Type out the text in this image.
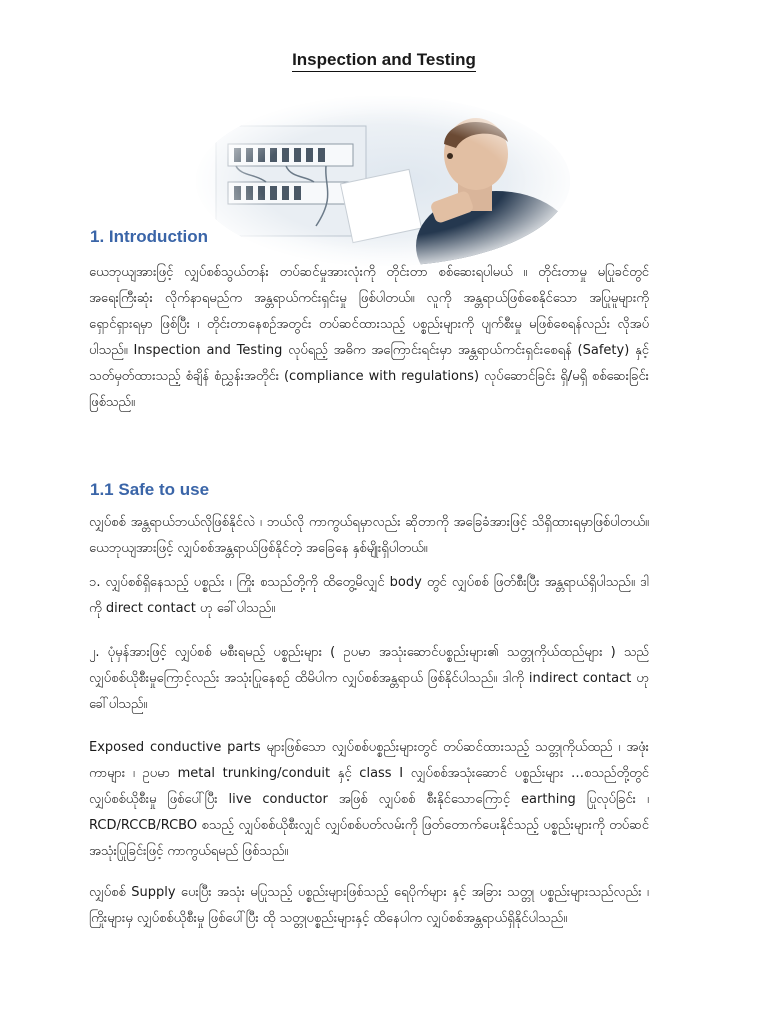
Inspection and Testing
1. Introduction

ယေဘုယျအားဖြင့် လျှပ်စစ်သွယ်တန်း တပ်ဆင်မှုအားလုံးကို တိုင်းတာ စစ်ဆေးရပါမယ် ။ တိုင်းတာမှု မပြုခင်တွင် အရေးကြီးဆုံး လိုက်နာရမည်က အန္တရာယ်ကင်းရှင်းမှု ဖြစ်ပါတယ်။ လူကို အန္တရာယ်ဖြစ်စေနိုင်သော အပြုမူများကို ရှောင်ရှားရမှာ ဖြစ်ပြီး ၊ တိုင်းတာနေစဉ်အတွင်း တပ်ဆင်ထားသည့် ပစ္စည်းများကို ပျက်စီးမှု မဖြစ်စေရန်လည်း လိုအပ်ပါသည်။ Inspection and Testing လုပ်ရည့် အဓိက အကြောင်းရင်းမှာ အန္တရာယ်ကင်းရှင်းစေရန် (Safety) နှင့် သတ်မှတ်ထားသည့် စံချိန် စံညွှန်းအတိုင်း (compliance with regulations) လုပ်ဆောင်ခြင်း ရှိ/မရှိ စစ်ဆေးခြင်းဖြစ်သည်။

1.1 Safe to use

လျှပ်စစ် အန္တရာယ်ဘယ်လိုဖြစ်နိုင်လဲ ၊ ဘယ်လို ကာကွယ်ရမှာလည်း ဆိုတာကို အခြေခံအားဖြင့် သိရှိထားရမှာဖြစ်ပါတယ်။ ယေဘုယျအားဖြင့် လျှပ်စစ်အန္တရာယ်ဖြစ်နိုင်တဲ့ အခြေနေ နှစ်မျိုးရှိပါတယ်။

၁. လျှပ်စစ်ရှိနေသည့် ပစ္စည်း ၊ ကြိုး စသည်တို့ကို ထိတွေ့မိလျှင် body တွင် လျှပ်စစ် ဖြတ်စီးပြီး အန္တရာယ်ရှိပါသည်။ ဒါကို direct contact ဟု ခေါ်ပါသည်။

၂. ပုံမှန်အားဖြင့် လျှပ်စစ် မစီးရမည့် ပစ္စည်းများ ( ဥပမာ အသုံးဆောင်ပစ္စည်းများ၏ သတ္တုကိုယ်ထည်များ ) သည် လျှပ်စစ်ယိုစီးမှုကြောင့်လည်း အသုံးပြုနေစဉ် ထိမိပါက လျှပ်စစ်အန္တရာယ် ဖြစ်နိုင်ပါသည်။ ဒါကို indirect contact ဟုခေါ်ပါသည်။

Exposed conductive parts များဖြစ်သော လျှပ်စစ်ပစ္စည်းများတွင် တပ်ဆင်ထားသည့် သတ္တုကိုယ်ထည် ၊ အဖုံးကာများ ၊ ဥပမာ metal trunking/conduit နှင့် class I လျှပ်စစ်အသုံးဆောင် ပစ္စည်းများ …စသည်တို့တွင် လျှပ်စစ်ယိုစီးမှု ဖြစ်ပေါ်ပြီး live conductor အဖြစ် လျှပ်စစ် စီးနိုင်သောကြောင့် earthing ပြုလုပ်ခြင်း ၊ RCD/RCCB/RCBO စသည့် လျှပ်စစ်ယိုစီးလျှင် လျှပ်စစ်ပတ်လမ်းကို ဖြတ်တောက်ပေးနိုင်သည့် ပစ္စည်းများကို တပ်ဆင်အသုံးပြုခြင်းဖြင့် ကာကွယ်ရမည် ဖြစ်သည်။

လျှပ်စစ် Supply ပေးပြီး အသုံး မပြုသည့် ပစ္စည်းများဖြစ်သည့် ရေပိုက်များ နှင့် အခြား သတ္တု ပစ္စည်းများသည်လည်း ၊ ကြိုးများမှ လျှပ်စစ်ယိုစီးမှု ဖြစ်ပေါ်ပြီး ထို သတ္တုပစ္စည်းများနှင့် ထိနေပါက လျှပ်စစ်အန္တရာယ်ရှိနိုင်ပါသည်။
